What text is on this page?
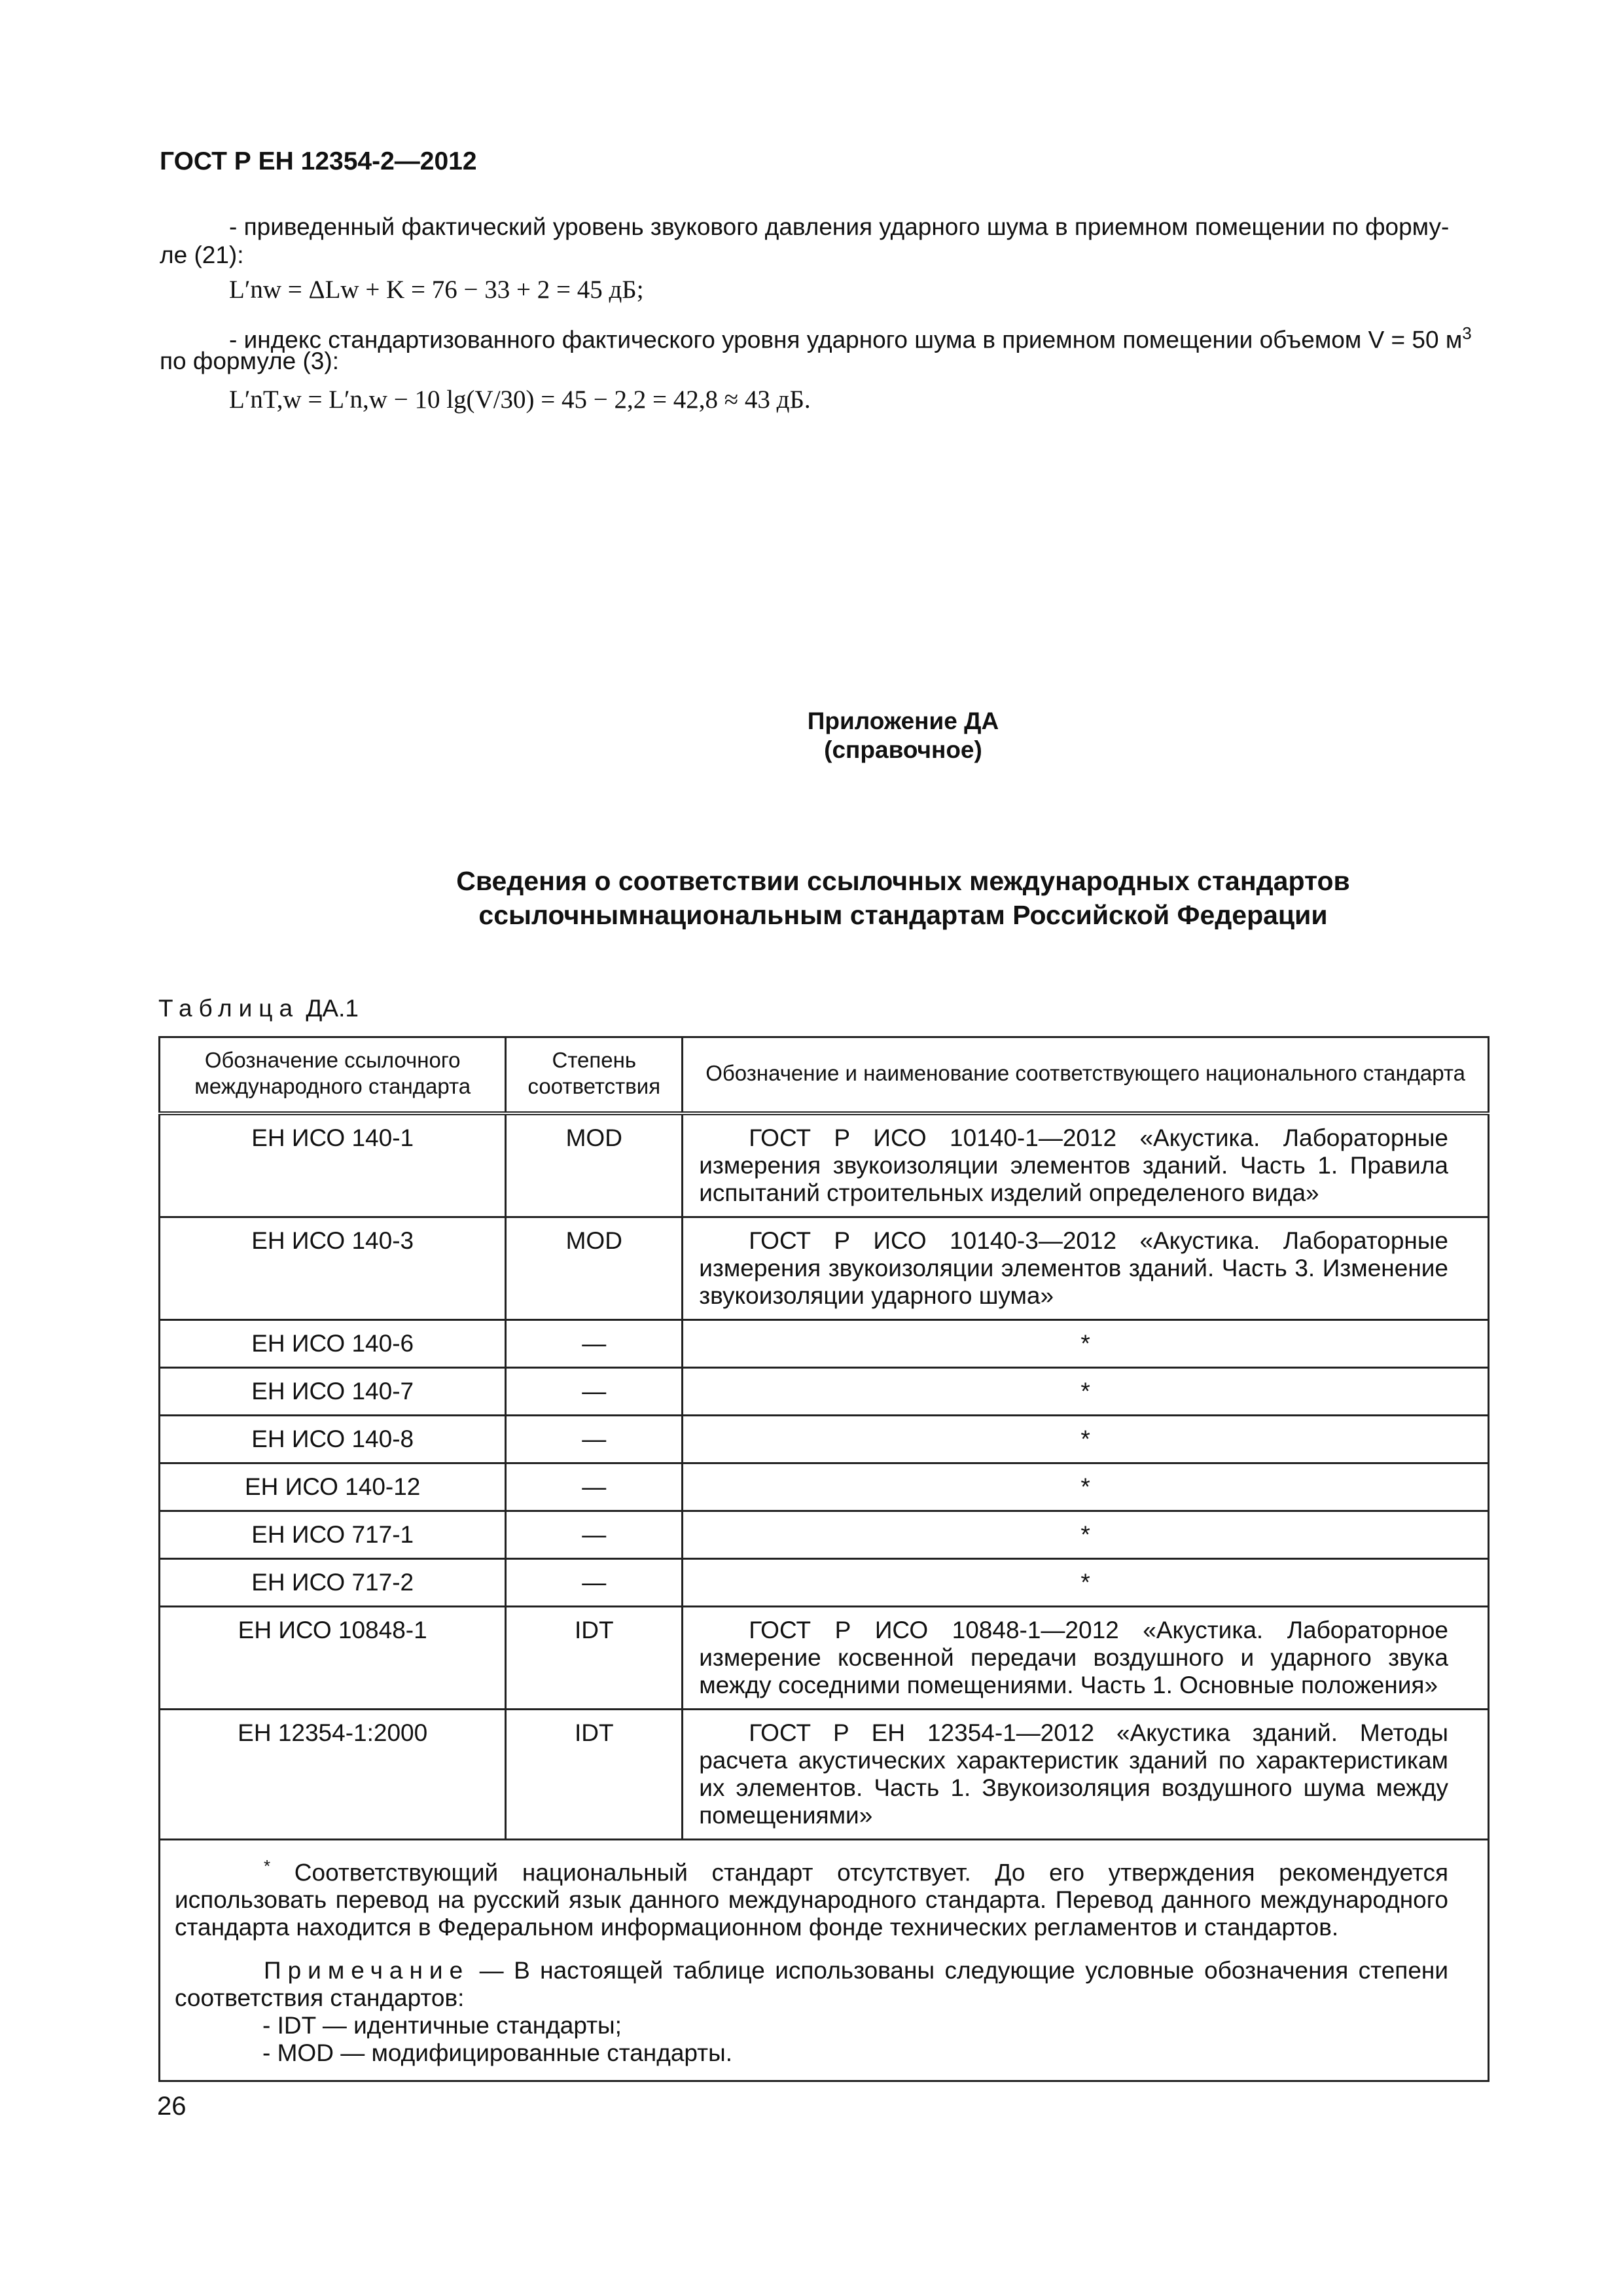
ГОСТ Р ЕН 12354-2—2012
- приведенный фактический уровень звукового давления ударного шума в приемном помещении по форму-
ле (21):
L′nw = ΔLw + K = 76 − 33 + 2 = 45 дБ;
- индекс стандартизованного фактического уровня ударного шума в приемном помещении объемом V = 50 $м^3$
по формуле (3):
L′nT,w = L′n,w − 10 lg(V/30) = 45 − 2,2 = 42,8 ≈ 43 дБ.
Приложение ДА
(справочное)
Сведения о соответствии ссылочных международных стандартов
ссылочнымнациональным стандартам Российской Федерации
Таблица ДА.1
Обозначение ссылочного международного стандарта	Степень соответствия	Обозначение и наименование соответствующего национального стандарта
ЕН ИСО 140-1	MOD	ГОСТ Р ИСО 10140-1—2012 «Акустика. Лабораторные измерения звукоизоляции элементов зданий. Часть 1. Правила испытаний строительных изделий определеного вида»
ЕН ИСО 140-3	MOD	ГОСТ Р ИСО 10140-3—2012 «Акустика. Лабораторные измерения звукоизоляции элементов зданий. Часть 3. Изменение звукоизоляции ударного шума»
ЕН ИСО 140-6	—	*
ЕН ИСО 140-7	—	*
ЕН ИСО 140-8	—	*
ЕН ИСО 140-12	—	*
ЕН ИСО 717-1	—	*
ЕН ИСО 717-2	—	*
ЕН ИСО 10848-1	IDT	ГОСТ Р ИСО 10848-1—2012 «Акустика. Лабораторное измерение косвенной передачи воздушного и ударного звука между соседними помещениями. Часть 1. Основные положения»
ЕН 12354-1:2000	IDT	ГОСТ Р ЕН 12354-1—2012 «Акустика зданий. Методы расчета акустических характеристик зданий по характеристикам их элементов. Часть 1. Звукоизоляция воздушного шума между помещениями»

* Соответствующий национальный стандарт отсутствует. До его утверждения рекомендуется использовать перевод на русский язык данного международного стандарта. Перевод данного международного стандарта находится в Федеральном информационном фонде технических регламентов и стандартов.
Примечание — В настоящей таблице использованы следующие условные обозначения степени соответствия стандартов:
- IDT — идентичные стандарты;
- MOD — модифицированные стандарты.		
26
